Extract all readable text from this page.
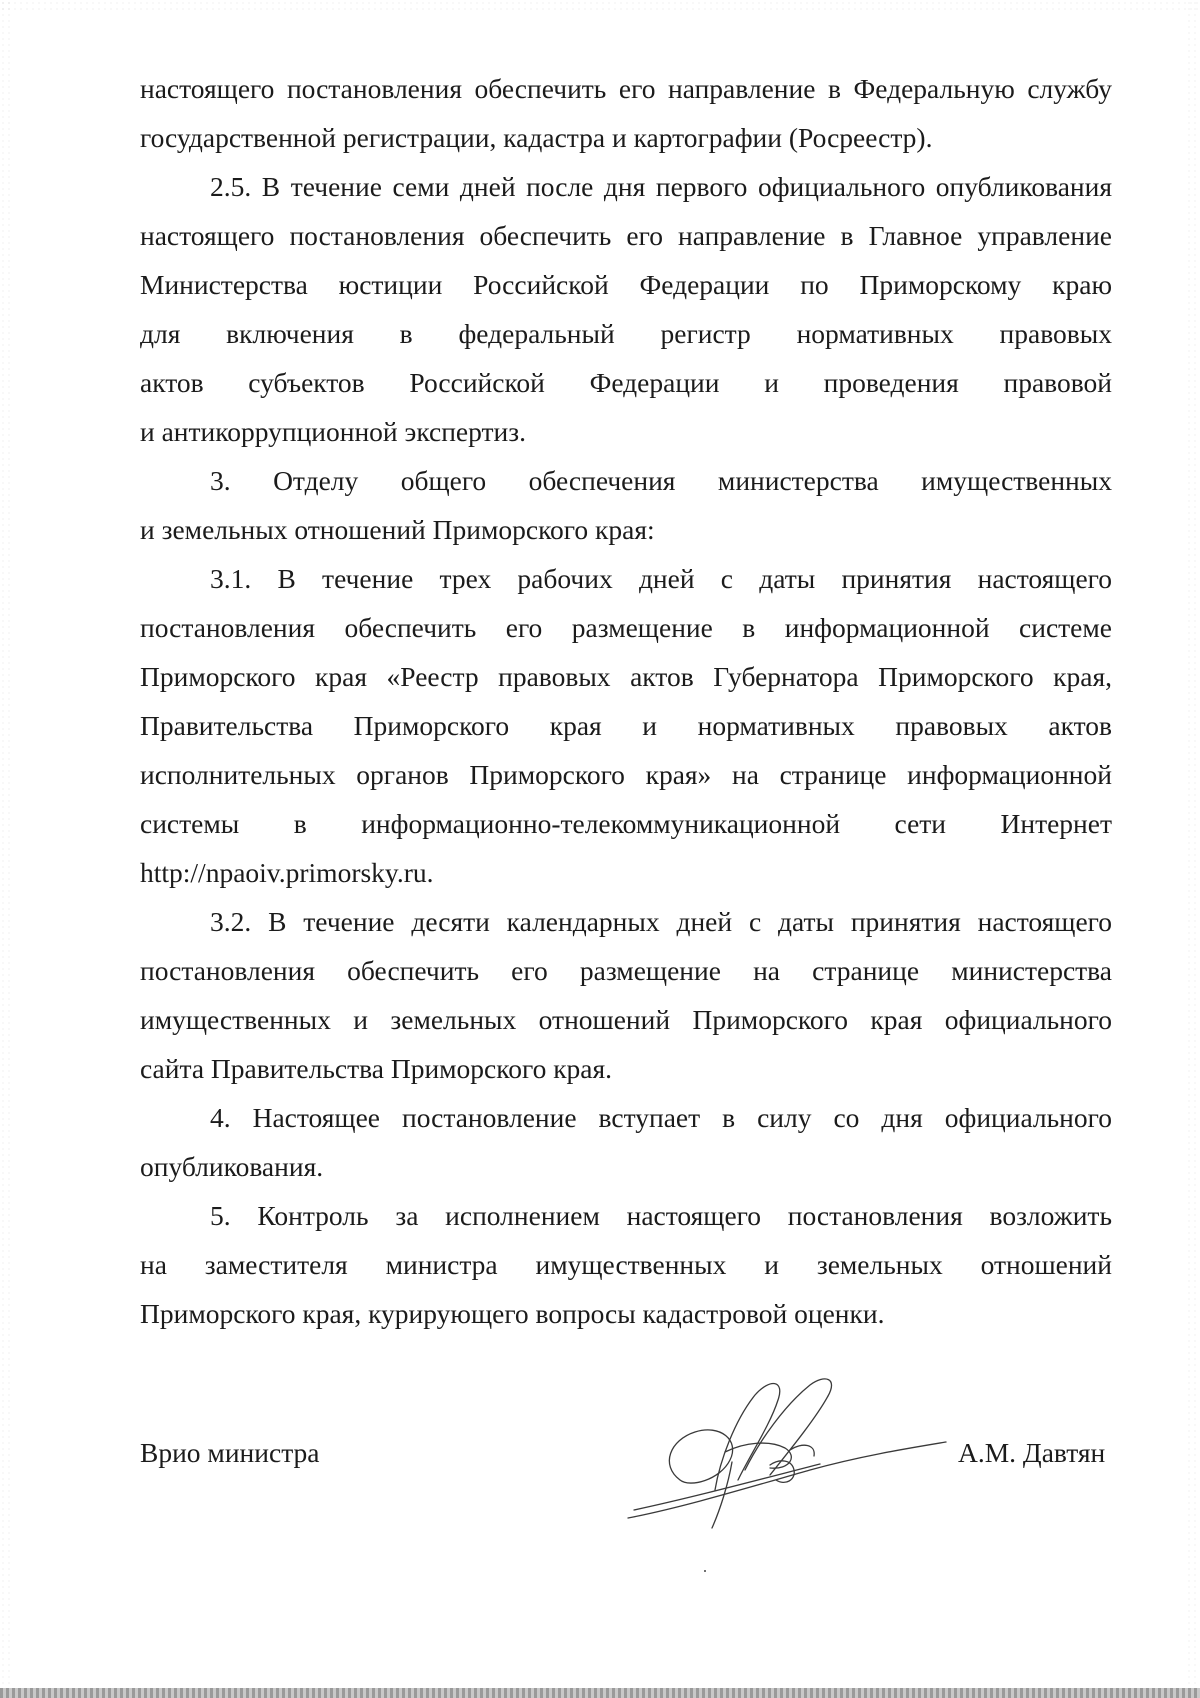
настоящего постановления обеспечить его направление в Федеральную службу
государственной регистрации, кадастра и картографии (Росреестр).
2.5. В течение семи дней после дня первого официального опубликования
настоящего постановления обеспечить его направление в Главное управление
Министерства юстиции Российской Федерации по Приморскому краю
для включения в федеральный регистр нормативных правовых
актов субъектов Российской Федерации и проведения правовой
и антикоррупционной экспертиз.
3. Отделу общего обеспечения министерства имущественных
и земельных отношений Приморского края:
3.1. В течение трех рабочих дней с даты принятия настоящего
постановления обеспечить его размещение в информационной системе
Приморского края «Реестр правовых актов Губернатора Приморского края,
Правительства Приморского края и нормативных правовых актов
исполнительных органов Приморского края» на странице информационной
системы в информационно-телекоммуникационной сети Интернет
http://npaoiv.primorsky.ru.
3.2. В течение десяти календарных дней с даты принятия настоящего
постановления обеспечить его размещение на странице министерства
имущественных и земельных отношений Приморского края официального
сайта Правительства Приморского края.
4. Настоящее постановление вступает в силу со дня официального
опубликования.
5. Контроль за исполнением настоящего постановления возложить
на заместителя министра имущественных и земельных отношений
Приморского края, курирующего вопросы кадастровой оценки.
Врио министра	А.М. Давтян
